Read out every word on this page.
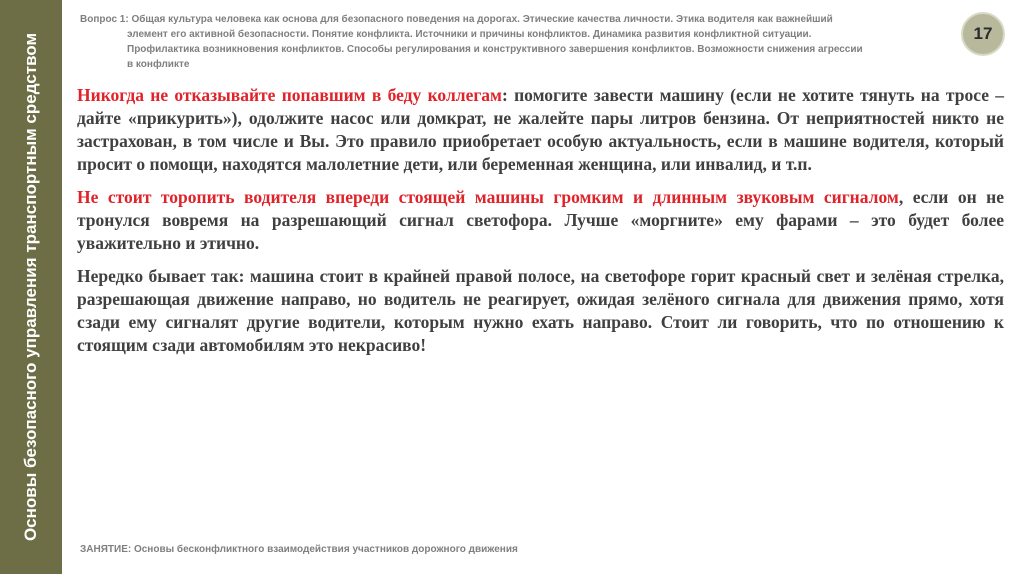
Основы безопасного управления транспортным средством
Вопрос 1: Общая культура человека как основа для безопасного поведения на дорогах. Этические качества личности. Этика водителя как важнейший
элемент его активной безопасности. Понятие конфликта. Источники и причины конфликтов. Динамика развития конфликтной ситуации.
Профилактика возникновения конфликтов. Способы регулирования и конструктивного завершения конфликтов. Возможности снижения агрессии
в конфликте
17

Никогда не отказывайте попавшим в беду коллегам: помогите завести машину (если не хотите тянуть на тросе – дайте «прикурить»), одолжите насос или домкрат, не жалейте пары литров бензина. От неприятностей никто не застрахован, в том числе и Вы. Это правило приобретает особую актуальность, если в машине водителя, который просит о помощи, находятся малолетние дети, или беременная женщина, или инвалид, и т.п.

Не стоит торопить водителя впереди стоящей машины громким и длинным звуковым сигналом, если он не тронулся вовремя на разрешающий сигнал светофора. Лучше «моргните» ему фарами – это будет более уважительно и этично.

Нередко бывает так: машина стоит в крайней правой полосе, на светофоре горит красный свет и зелёная стрелка, разрешающая движение направо, но водитель не реагирует, ожидая зелёного сигнала для движения прямо, хотя сзади ему сигналят другие водители, которым нужно ехать направо. Стоит ли говорить, что по отношению к стоящим сзади автомобилям это некрасиво!

ЗАНЯТИЕ: Основы бесконфликтного взаимодействия участников дорожного движения
